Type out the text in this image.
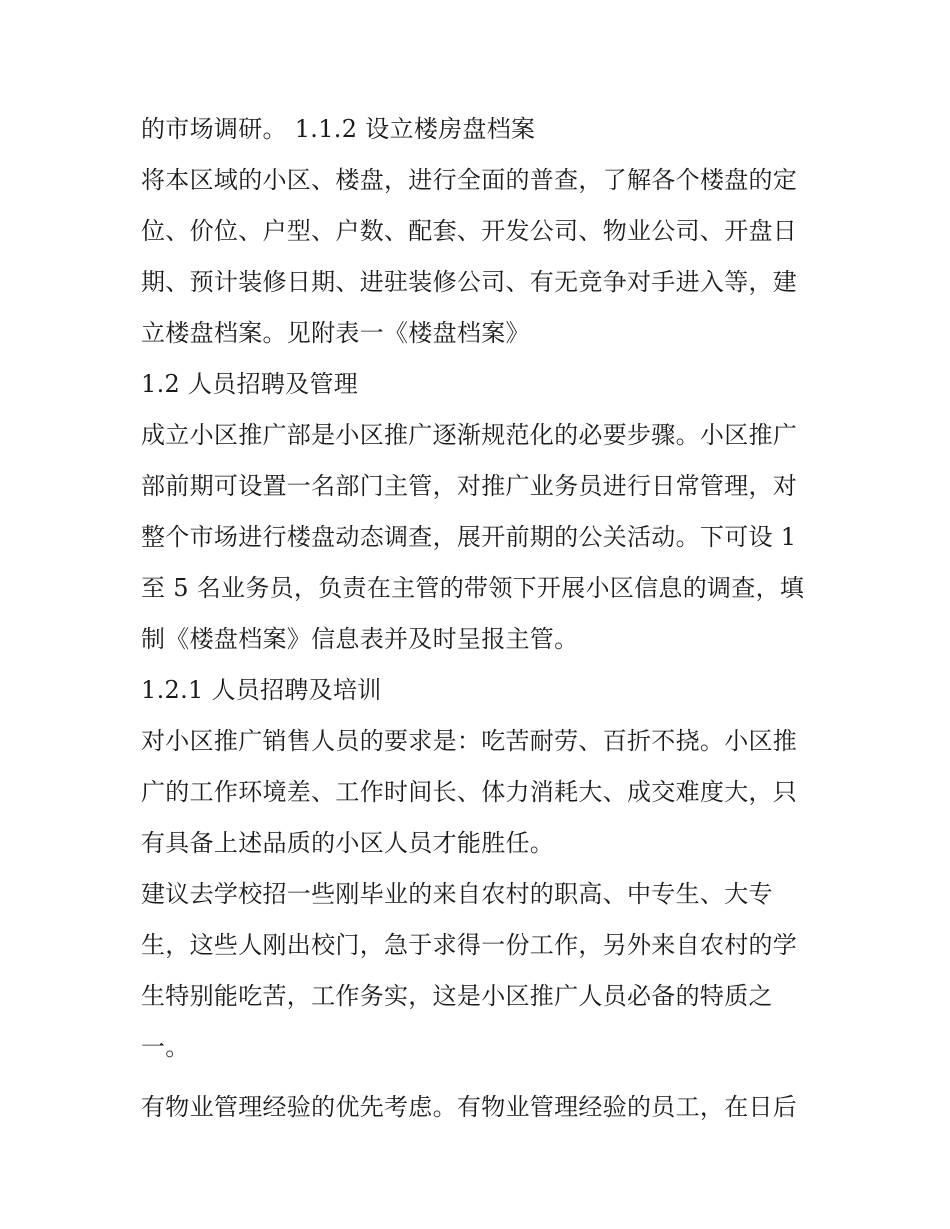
的市场调研。 1.1.2 设立楼房盘档案
将本区域的小区、楼盘，进行全面的普查，了解各个楼盘的定
位、价位、户型、户数、配套、开发公司、物业公司、开盘日
期、预计装修日期、进驻装修公司、有无竞争对手进入等，建
立楼盘档案。见附表一《楼盘档案》
1.2 人员招聘及管理
成立小区推广部是小区推广逐渐规范化的必要步骤。小区推广
部前期可设置一名部门主管，对推广业务员进行日常管理，对
整个市场进行楼盘动态调查，展开前期的公关活动。下可设 1
至 5 名业务员，负责在主管的带领下开展小区信息的调查，填
制《楼盘档案》信息表并及时呈报主管。
1.2.1 人员招聘及培训
对小区推广销售人员的要求是：吃苦耐劳、百折不挠。小区推
广的工作环境差、工作时间长、体力消耗大、成交难度大，只
有具备上述品质的小区人员才能胜任。
建议去学校招一些刚毕业的来自农村的职高、中专生、大专
生，这些人刚出校门，急于求得一份工作，另外来自农村的学
生特别能吃苦，工作务实，这是小区推广人员必备的特质之
一。
有物业管理经验的优先考虑。有物业管理经验的员工，在日后
